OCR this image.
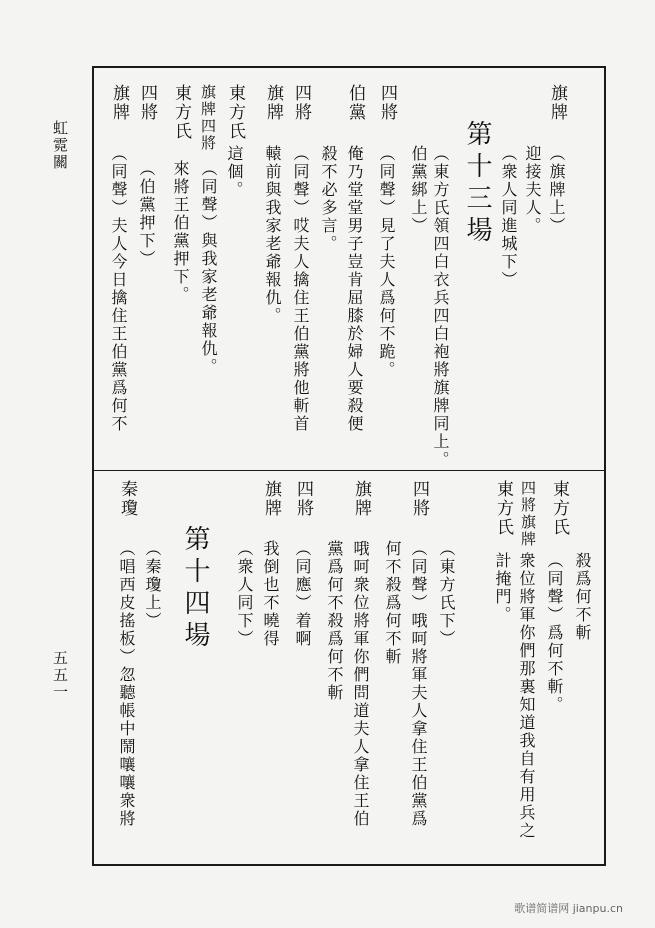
虹霓關
五五一
旗牌
（旗牌上）
迎接夫人。
（衆人同進城下）
第十三場
（東方氏領四白衣兵四白袍將旗牌同上。
伯黨綁上）
四將
（同聲）見了夫人爲何不跪。
伯黨
俺乃堂堂男子豈肯屈膝於婦人要殺便
殺不必多言。
四將
（同聲）哎夫人擒住王伯黨將他斬首
旗牌
轅前與我家老爺報仇。
東方氏
這個。
旗牌四將
（同聲）與我家老爺報仇。
東方氏
來將王伯黨押下。
四將
（伯黨押下）
旗牌
（同聲）夫人今日擒住王伯黨爲何不
東方氏
殺爲何不斬
四將旗牌
（同聲）爲何不斬。
東方氏
衆位將軍你們那裏知道我自有用兵之
計掩門。
（東方氏下）
四將
（同聲）哦呵將軍夫人拿住王伯黨爲
何不殺爲何不斬
旗牌
哦呵衆位將軍你們問道夫人拿住王伯
黨爲何不殺爲何不斬
四將
（同應）着啊
旗牌
我倒也不曉得
（衆人同下）
第十四場
秦瓊
（秦瓊上）
（唱西皮搖板）忽聽帳中鬧嚷嚷衆將
歌谱简谱网 jianpu.cn
